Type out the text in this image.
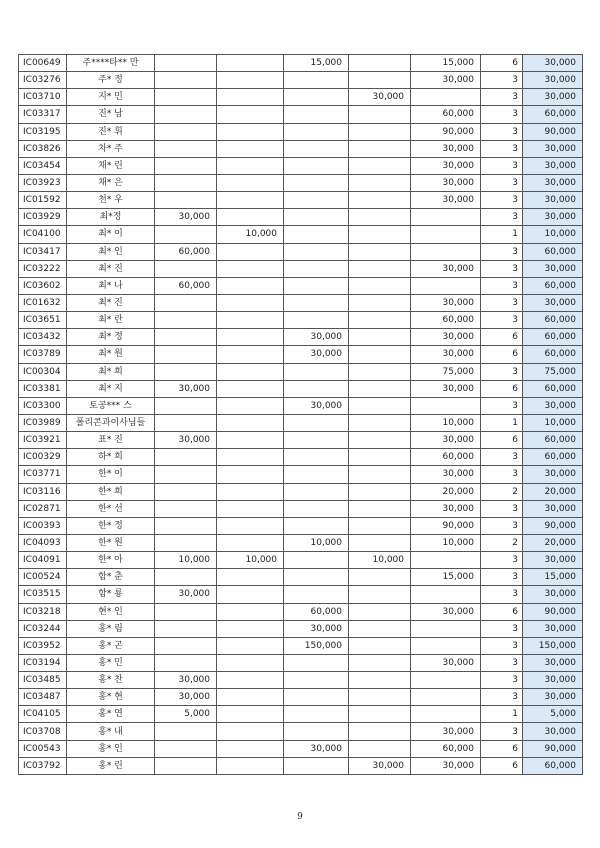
IC00649	주****타** 만			15,000		15,000	6	30,000
IC03276	주* 정					30,000	3	30,000
IC03710	지* 민				30,000		3	30,000
IC03317	진* 남					60,000	3	60,000
IC03195	진* 휘					90,000	3	90,000
IC03826	차* 주					30,000	3	30,000
IC03454	채* 린					30,000	3	30,000
IC03923	채* 은					30,000	3	30,000
IC01592	천* 우					30,000	3	30,000
IC03929	최*정	30,000					3	30,000
IC04100	최* 이		10,000				1	10,000
IC03417	최* 인	60,000					3	60,000
IC03222	최* 진					30,000	3	30,000
IC03602	최* 나	60,000					3	60,000
IC01632	최* 진					30,000	3	30,000
IC03651	최* 란					60,000	3	60,000
IC03432	최* 정			30,000		30,000	6	60,000
IC03789	최* 원			30,000		30,000	6	60,000
IC00304	최* 희					75,000	3	75,000
IC03381	최* 지	30,000				30,000	6	60,000
IC03300	토공*** 스			30,000			3	30,000
IC03989	폴리콘과이사님들					10,000	1	10,000
IC03921	표* 진	30,000				30,000	6	60,000
IC00329	하* 희					60,000	3	60,000
IC03771	한* 이					30,000	3	30,000
IC03116	한* 희					20,000	2	20,000
IC02871	한* 선					30,000	3	30,000
IC00393	한* 정					90,000	3	90,000
IC04093	한* 원			10,000		10,000	2	20,000
IC04091	한* 아	10,000	10,000		10,000		3	30,000
IC00524	함* 춘					15,000	3	15,000
IC03515	함* 룡	30,000					3	30,000
IC03218	현* 인			60,000		30,000	6	90,000
IC03244	홍* 림			30,000			3	30,000
IC03952	홍* 곤			150,000			3	150,000
IC03194	홍* 민					30,000	3	30,000
IC03485	홍* 찬	30,000					3	30,000
IC03487	홍* 현	30,000					3	30,000
IC04105	홍* 연	5,000					1	5,000
IC03708	홍* 내					30,000	3	30,000
IC00543	홍* 인			30,000		60,000	6	90,000
IC03792	홍* 린				30,000	30,000	6	60,000
9
